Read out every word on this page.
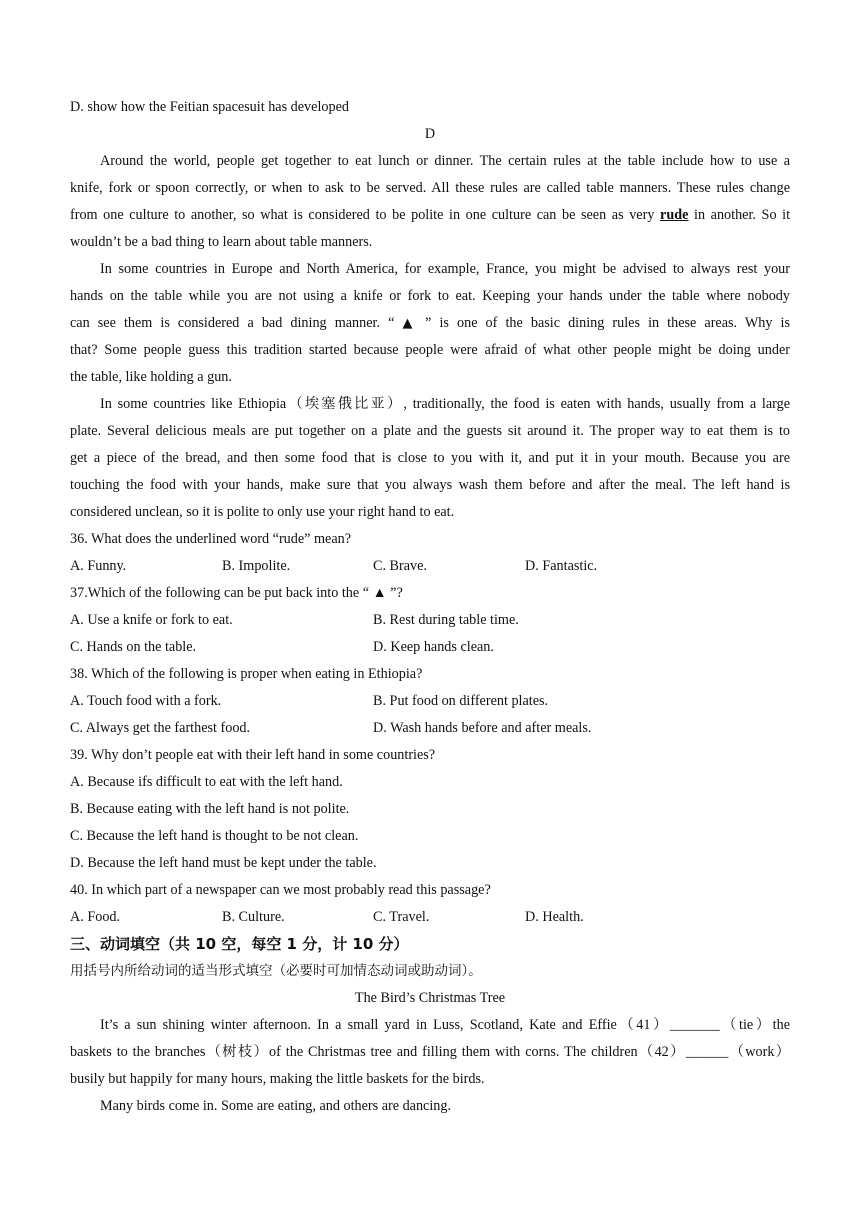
D. show how the Feitian spacesuit has developed
D
Around the world, people get together to eat lunch or dinner. The certain rules at the table include how to use a
knife, fork or spoon correctly, or when to ask to be served. All these rules are called table manners. These rules change
from one culture to another, so what is considered to be polite in one culture can be seen as very rude in another. So it
wouldn’t be a bad thing to learn about table manners.
In some countries in Europe and North America, for example, France, you might be advised to always rest your
hands on the table while you are not using a knife or fork to eat. Keeping your hands under the table where nobody
can see them is considered a bad dining manner. “ ▲ ” is one of the basic dining rules in these areas. Why is
that? Some people guess this tradition started because people were afraid of what other people might be doing under
the table, like holding a gun.
In some countries like Ethiopia（埃塞俄比亚）, traditionally, the food is eaten with hands, usually from a large
plate. Several delicious meals are put together on a plate and the guests sit around it. The proper way to eat them is to
get a piece of the bread, and then some food that is close to you with it, and put it in your mouth. Because you are
touching the food with your hands, make sure that you always wash them before and after the meal. The left hand is
considered unclean, so it is polite to only use your right hand to eat.
36. What does the underlined word “rude” mean?
A. Funny.	B. Impolite.	C. Brave.	D. Fantastic.
37.Which of the following can be put back into the “ ▲ ”?
A. Use a knife or fork to eat.	B. Rest during table time.
C. Hands on the table.	D. Keep hands clean.
38. Which of the following is proper when eating in Ethiopia?
A. Touch food with a fork.	B. Put food on different plates.
C. Always get the farthest food.	D. Wash hands before and after meals.
39. Why don’t people eat with their left hand in some countries?
A. Because ifs difficult to eat with the left hand.
B. Because eating with the left hand is not polite.
C. Because the left hand is thought to be not clean.
D. Because the left hand must be kept under the table.
40. In which part of a newspaper can we most probably read this passage?
A. Food.	B. Culture.	C. Travel.	D. Health.
三、动词填空（共 10 空，每空 1 分，计 10 分）
用括号内所给动词的适当形式填空（必要时可加情态动词或助动词）。
The Bird’s Christmas Tree
It’s a sun shining winter afternoon. In a small yard in Luss, Scotland, Kate and Effie（41）_______（tie）the
baskets to the branches（树枝）of the Christmas tree and filling them with corns. The children（42）______（work）
busily but happily for many hours, making the little baskets for the birds.
Many birds come in. Some are eating, and others are dancing.
